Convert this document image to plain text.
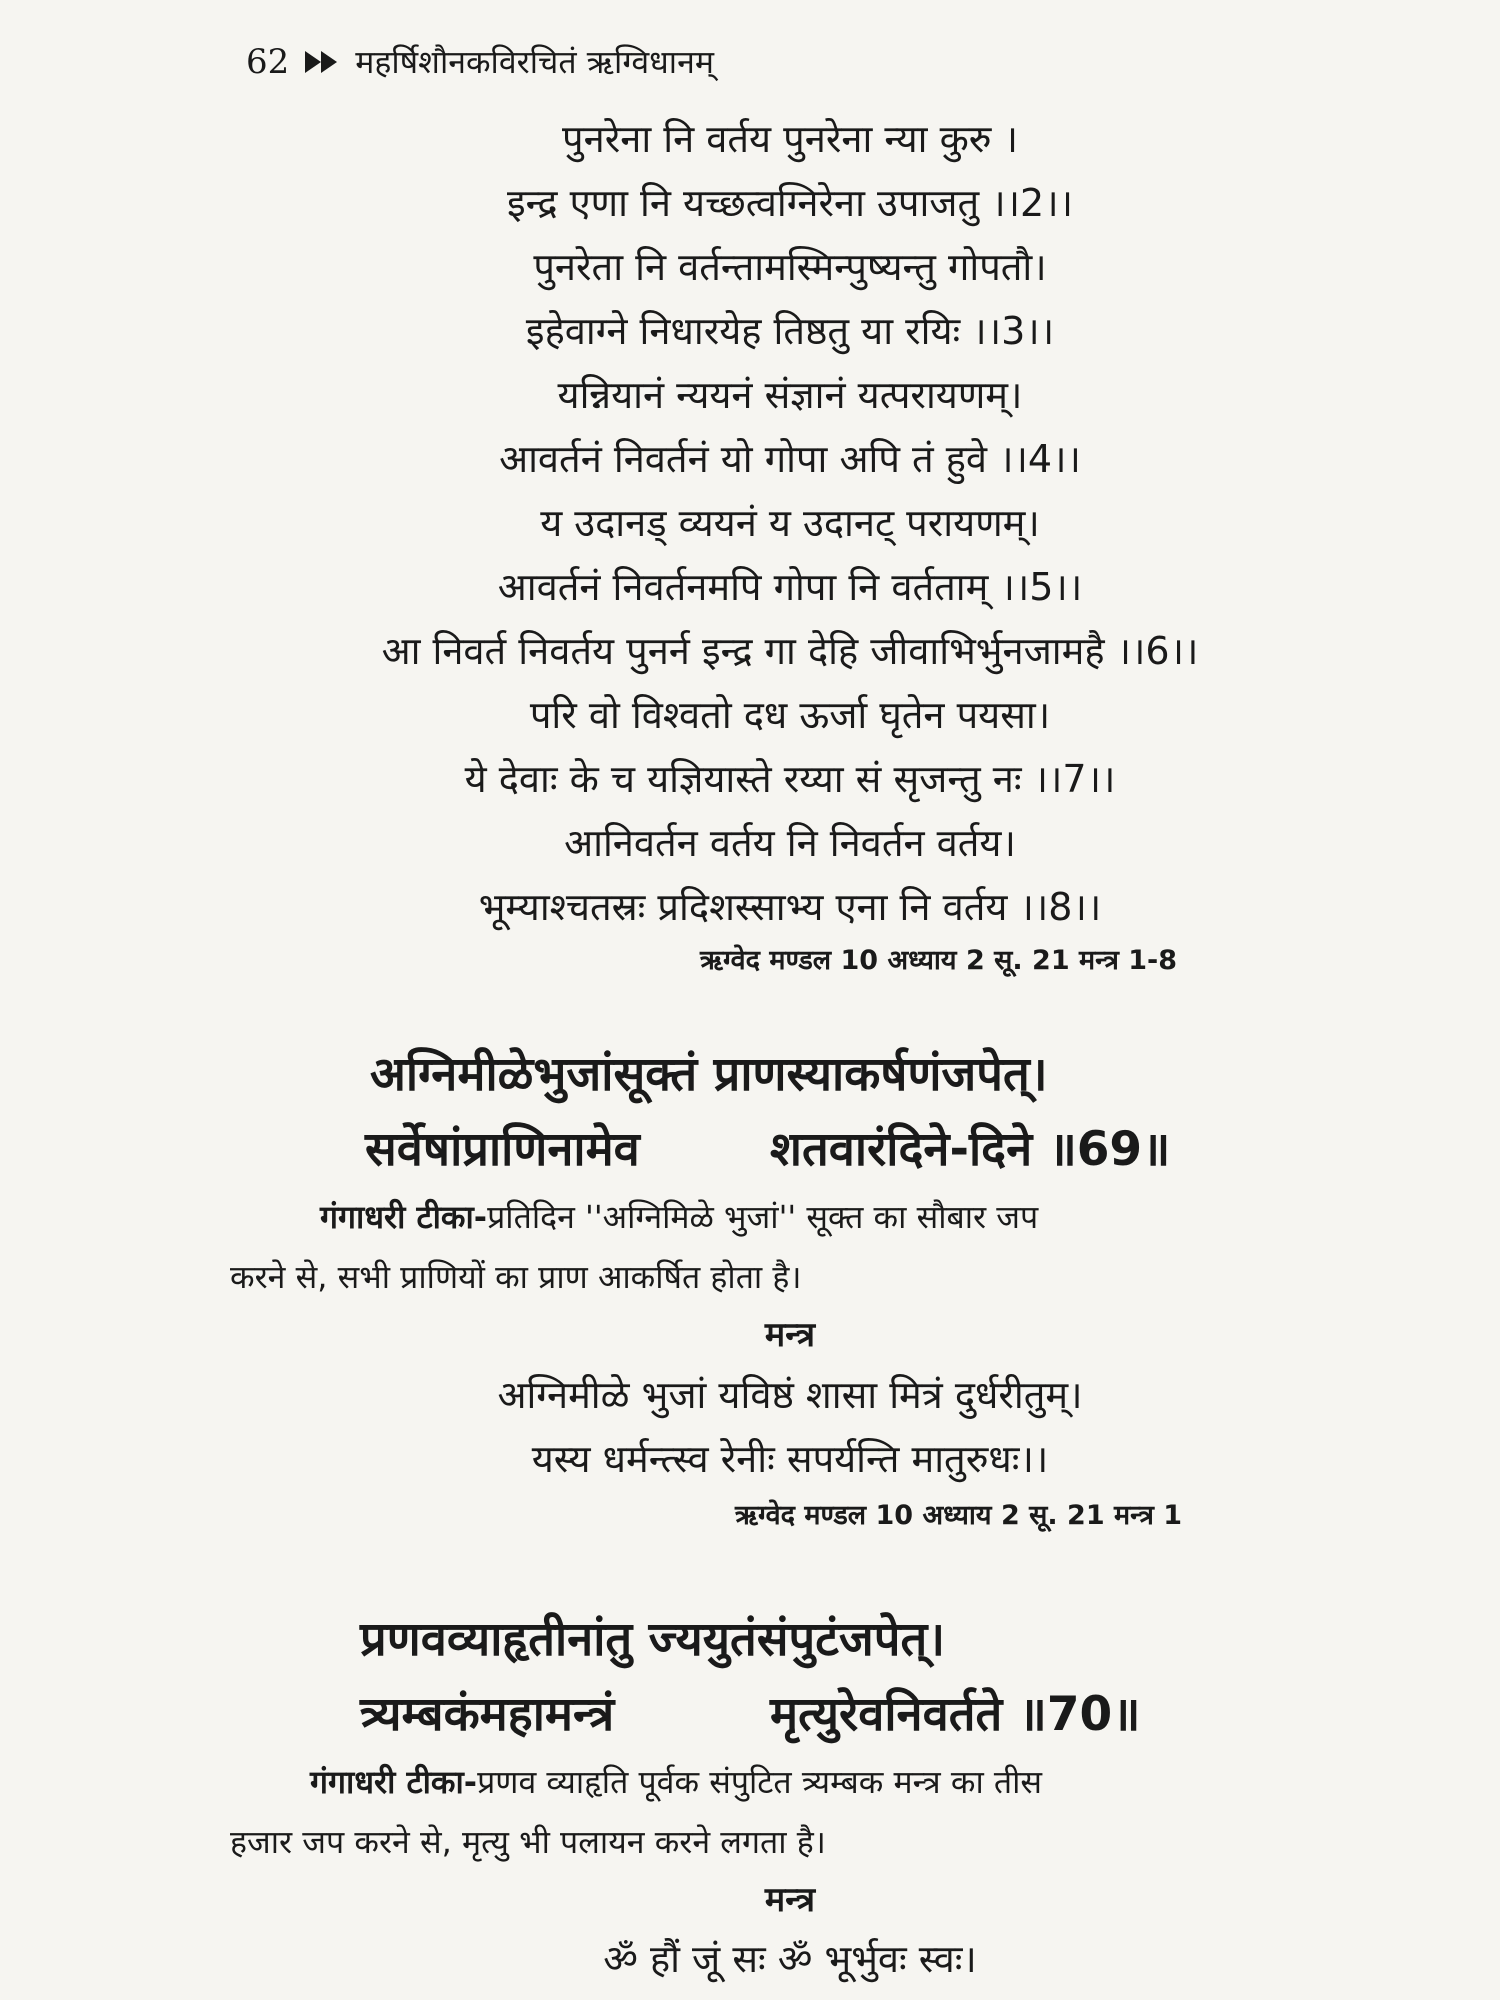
62 महर्षिशौनकविरचितं ऋग्विधानम्
पुनरेना नि वर्तय पुनरेना न्या कुरु ।
इन्द्र एणा नि यच्छत्वग्निरेना उपाजतु ।।2।।
पुनरेता नि वर्तन्तामस्मिन्पुष्यन्तु गोपतौ।
इहेवाग्ने निधारयेह तिष्ठतु या रयिः ।।3।।
यन्नियानं न्ययनं संज्ञानं यत्परायणम्।
आवर्तनं निवर्तनं यो गोपा अपि तं हुवे ।।4।।
य उदानड् व्ययनं य उदानट् परायणम्।
आवर्तनं निवर्तनमपि गोपा नि वर्तताम् ।।5।।
आ निवर्त निवर्तय पुनर्न इन्द्र गा देहि जीवाभिर्भुनजामहै ।।6।।
परि वो विश्वतो दध ऊर्जा घृतेन पयसा।
ये देवाः के च यज्ञियास्ते रय्या सं सृजन्तु नः ।।7।।
आनिवर्तन वर्तय नि निवर्तन वर्तय।
भूम्याश्चतस्रः प्रदिशस्साभ्य एना नि वर्तय ।।8।।
ऋग्वेद मण्डल 10 अध्याय 2 सू. 21 मन्त्र 1-8
अग्निमीळेभुजांसूक्तं प्राणस्याकर्षणंजपेत्।
सर्वेषांप्राणिनामेव	शतवारंदिने-दिने ॥69॥
गंगाधरी टीका-प्रतिदिन ''अग्निमिळे भुजां'' सूक्त का सौबार जप
करने से, सभी प्राणियों का प्राण आकर्षित होता है।
मन्त्र
अग्निमीळे भुजां यविष्ठं शासा मित्रं दुर्धरीतुम्।
यस्य धर्मन्त्स्व रेनीः सपर्यन्ति मातुरुधः।।
ऋग्वेद मण्डल 10 अध्याय 2 सू. 21 मन्त्र 1
प्रणवव्याहृतीनांतु ज्ययुतंसंपुटंजपेत्।
त्र्यम्बकंमहामन्त्रं	मृत्युरेवनिवर्तते ॥70॥
गंगाधरी टीका-प्रणव व्याहृति पूर्वक संपुटित त्र्यम्बक मन्त्र का तीस
हजार जप करने से, मृत्यु भी पलायन करने लगता है।
मन्त्र
ॐ हौं जूं सः ॐ भूर्भुवः स्वः।
